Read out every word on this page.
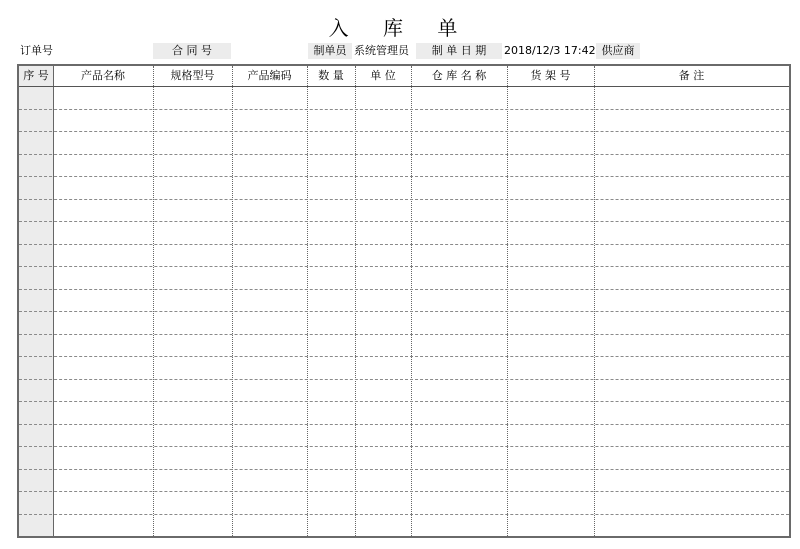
入 库 单
订单号	合 同 号	制单员 系统管理员	制 单 日 期	2018/12/3 17:42 供应商
序 号	产品名称	规格型号	产品编码	数 量	单 位	仓 库 名 称	货 架 号	备 注
